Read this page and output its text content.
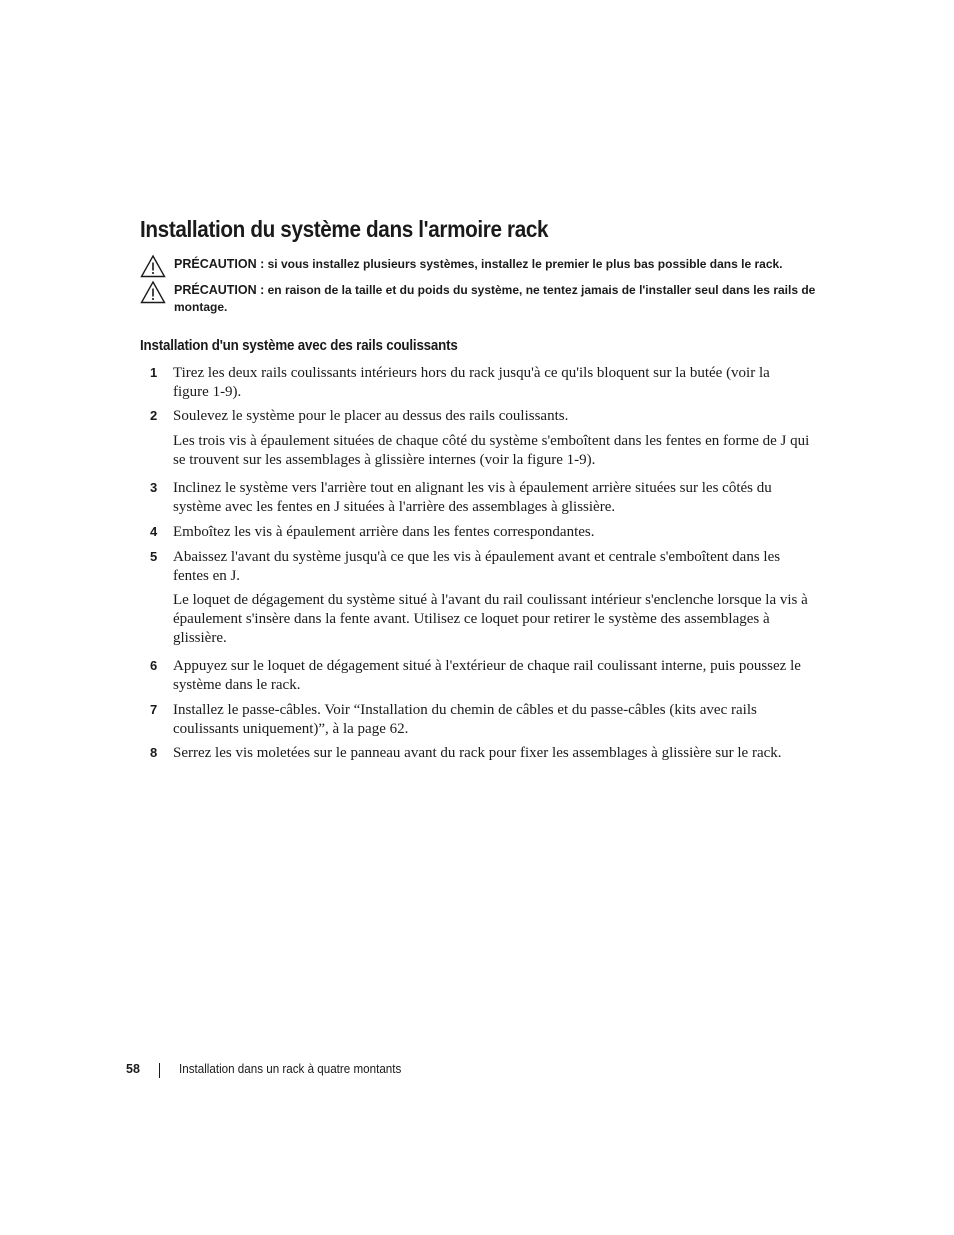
Installation du système dans l'armoire rack
PRÉCAUTION : si vous installez plusieurs systèmes, installez le premier le plus bas possible dans le rack.
PRÉCAUTION : en raison de la taille et du poids du système, ne tentez jamais de l'installer seul dans les rails de montage.
Installation d'un système avec des rails coulissants
1	Tirez les deux rails coulissants intérieurs hors du rack jusqu'à ce qu'ils bloquent sur la butée (voir la figure 1-9).
2	Soulevez le système pour le placer au dessus des rails coulissants.
Les trois vis à épaulement situées de chaque côté du système s'emboîtent dans les fentes en forme de J qui se trouvent sur les assemblages à glissière internes (voir la figure 1-9).
3	Inclinez le système vers l'arrière tout en alignant les vis à épaulement arrière situées sur les côtés du système avec les fentes en J situées à l'arrière des assemblages à glissière.
4	Emboîtez les vis à épaulement arrière dans les fentes correspondantes.
5	Abaissez l'avant du système jusqu'à ce que les vis à épaulement avant et centrale s'emboîtent dans les fentes en J.
Le loquet de dégagement du système situé à l'avant du rail coulissant intérieur s'enclenche lorsque la vis à épaulement s'insère dans la fente avant. Utilisez ce loquet pour retirer le système des assemblages à glissière.
6	Appuyez sur le loquet de dégagement situé à l'extérieur de chaque rail coulissant interne, puis poussez le système dans le rack.
7	Installez le passe-câbles. Voir “Installation du chemin de câbles et du passe-câbles (kits avec rails coulissants uniquement)”, à la page 62.
8	Serrez les vis moletées sur le panneau avant du rack pour fixer les assemblages à glissière sur le rack.
58	Installation dans un rack à quatre montants
